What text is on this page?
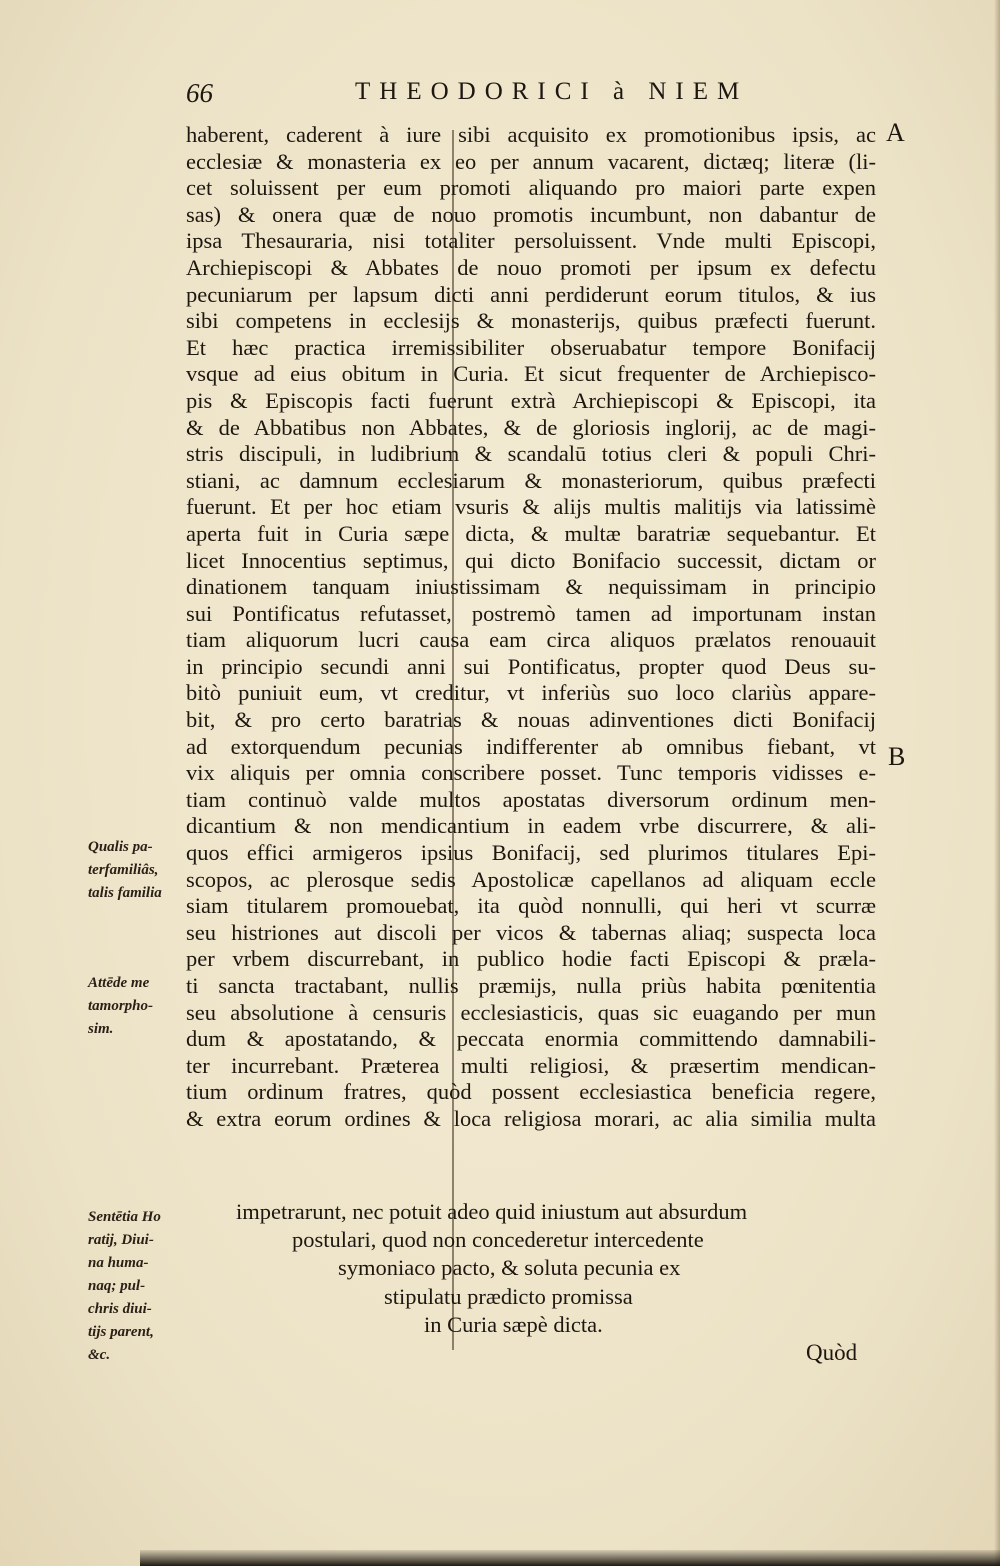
66	THEODORICI à NIEM
A
B
haberent, caderent à iure sibi acquisito ex promotionibus ipsis, ac
ecclesiæ & monasteria ex eo per annum vacarent, dictæq; literæ (li-
cet soluissent per eum promoti aliquando pro maiori parte expen
sas) & onera quæ de nouo promotis incumbunt, non dabantur de
ipsa Thesauraria, nisi totaliter persoluissent. Vnde multi Episcopi,
Archiepiscopi & Abbates de nouo promoti per ipsum ex defectu
pecuniarum per lapsum dicti anni perdiderunt eorum titulos, & ius
sibi competens in ecclesijs & monasterijs, quibus præfecti fuerunt.
Et hæc practica irremissibiliter obseruabatur tempore Bonifacij
vsque ad eius obitum in Curia. Et sicut frequenter de Archiepisco-
pis & Episcopis facti fuerunt extrà Archiepiscopi & Episcopi, ita
& de Abbatibus non Abbates, & de gloriosis inglorij, ac de magi-
stris discipuli, in ludibrium & scandalū totius cleri & populi Chri-
stiani, ac damnum ecclesiarum & monasteriorum, quibus præfecti
fuerunt. Et per hoc etiam vsuris & alijs multis malitijs via latissimè
aperta fuit in Curia sæpe dicta, & multæ baratriæ sequebantur. Et
licet Innocentius septimus, qui dicto Bonifacio successit, dictam or
dinationem tanquam iniustissimam & nequissimam in principio
sui Pontificatus refutasset, postremò tamen ad importunam instan
tiam aliquorum lucri causa eam circa aliquos prælatos renouauit
in principio secundi anni sui Pontificatus, propter quod Deus su-
bitò puniuit eum, vt creditur, vt inferiùs suo loco clariùs appare-
bit, & pro certo baratrias & nouas adinventiones dicti Bonifacij
ad extorquendum pecunias indifferenter ab omnibus fiebant, vt
vix aliquis per omnia conscribere posset. Tunc temporis vidisses e-
tiam continuò valde multos apostatas diversorum ordinum men-
dicantium & non mendicantium in eadem vrbe discurrere, & ali-
quos effici armigeros ipsius Bonifacij, sed plurimos titulares Epi-
scopos, ac plerosque sedis Apostolicæ capellanos ad aliquam eccle
siam titularem promouebat, ita quòd nonnulli, qui heri vt scurræ
seu histriones aut discoli per vicos & tabernas aliaq; suspecta loca
per vrbem discurrebant, in publico hodie facti Episcopi & præla-
ti sancta tractabant, nullis præmijs, nulla priùs habita pœnitentia
seu absolutione à censuris ecclesiasticis, quas sic euagando per mun
dum & apostatando, & peccata enormia committendo damnabili-
ter incurrebant. Præterea multi religiosi, & præsertim mendican-
tium ordinum fratres, quòd possent ecclesiastica beneficia regere,
& extra eorum ordines & loca religiosa morari, ac alia similia multa
impetrarunt, nec potuit adeo quid iniustum aut absurdum
postulari, quod non concederetur intercedente
symoniaco pacto, & soluta pecunia ex
stipulatu prædicto promissa
in Curia sæpè dicta.
Qualis pa-
terfamiliâs,
talis familia
Attēde me
tamorpho-
sim.
Sentētia Ho
ratij, Diui-
na huma-
naq; pul-
chris diui-
tijs parent,
&c.	Quòd
